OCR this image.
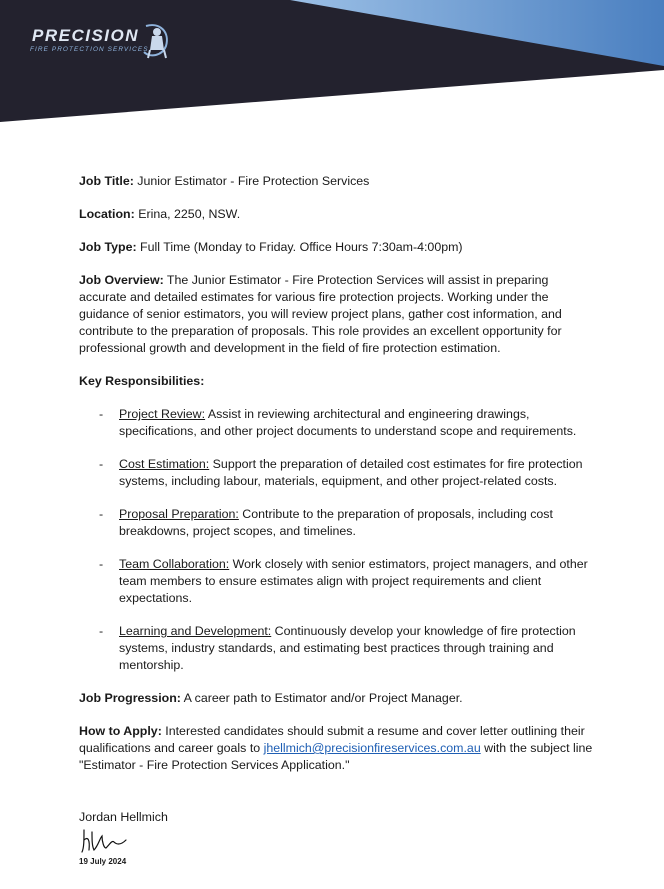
PRECISION
FIRE PROTECTION SERVICES

Job Title: Junior Estimator - Fire Protection Services

Location: Erina, 2250, NSW.

Job Type: Full Time (Monday to Friday. Office Hours 7:30am-4:00pm)

Job Overview: The Junior Estimator - Fire Protection Services will assist in preparing accurate and detailed estimates for various fire protection projects. Working under the guidance of senior estimators, you will review project plans, gather cost information, and contribute to the preparation of proposals. This role provides an excellent opportunity for professional growth and development in the field of fire protection estimation.

Key Responsibilities:

- Project Review: Assist in reviewing architectural and engineering drawings, specifications, and other project documents to understand scope and requirements.
- Cost Estimation: Support the preparation of detailed cost estimates for fire protection systems, including labour, materials, equipment, and other project-related costs.
- Proposal Preparation: Contribute to the preparation of proposals, including cost breakdowns, project scopes, and timelines.
- Team Collaboration: Work closely with senior estimators, project managers, and other team members to ensure estimates align with project requirements and client expectations.
- Learning and Development: Continuously develop your knowledge of fire protection systems, industry standards, and estimating best practices through training and mentorship.

Job Progression: A career path to Estimator and/or Project Manager.

How to Apply: Interested candidates should submit a resume and cover letter outlining their qualifications and career goals to jhellmich@precisionfireservices.com.au with the subject line "Estimator - Fire Protection Services Application."

Jordan Hellmich
19 July 2024
